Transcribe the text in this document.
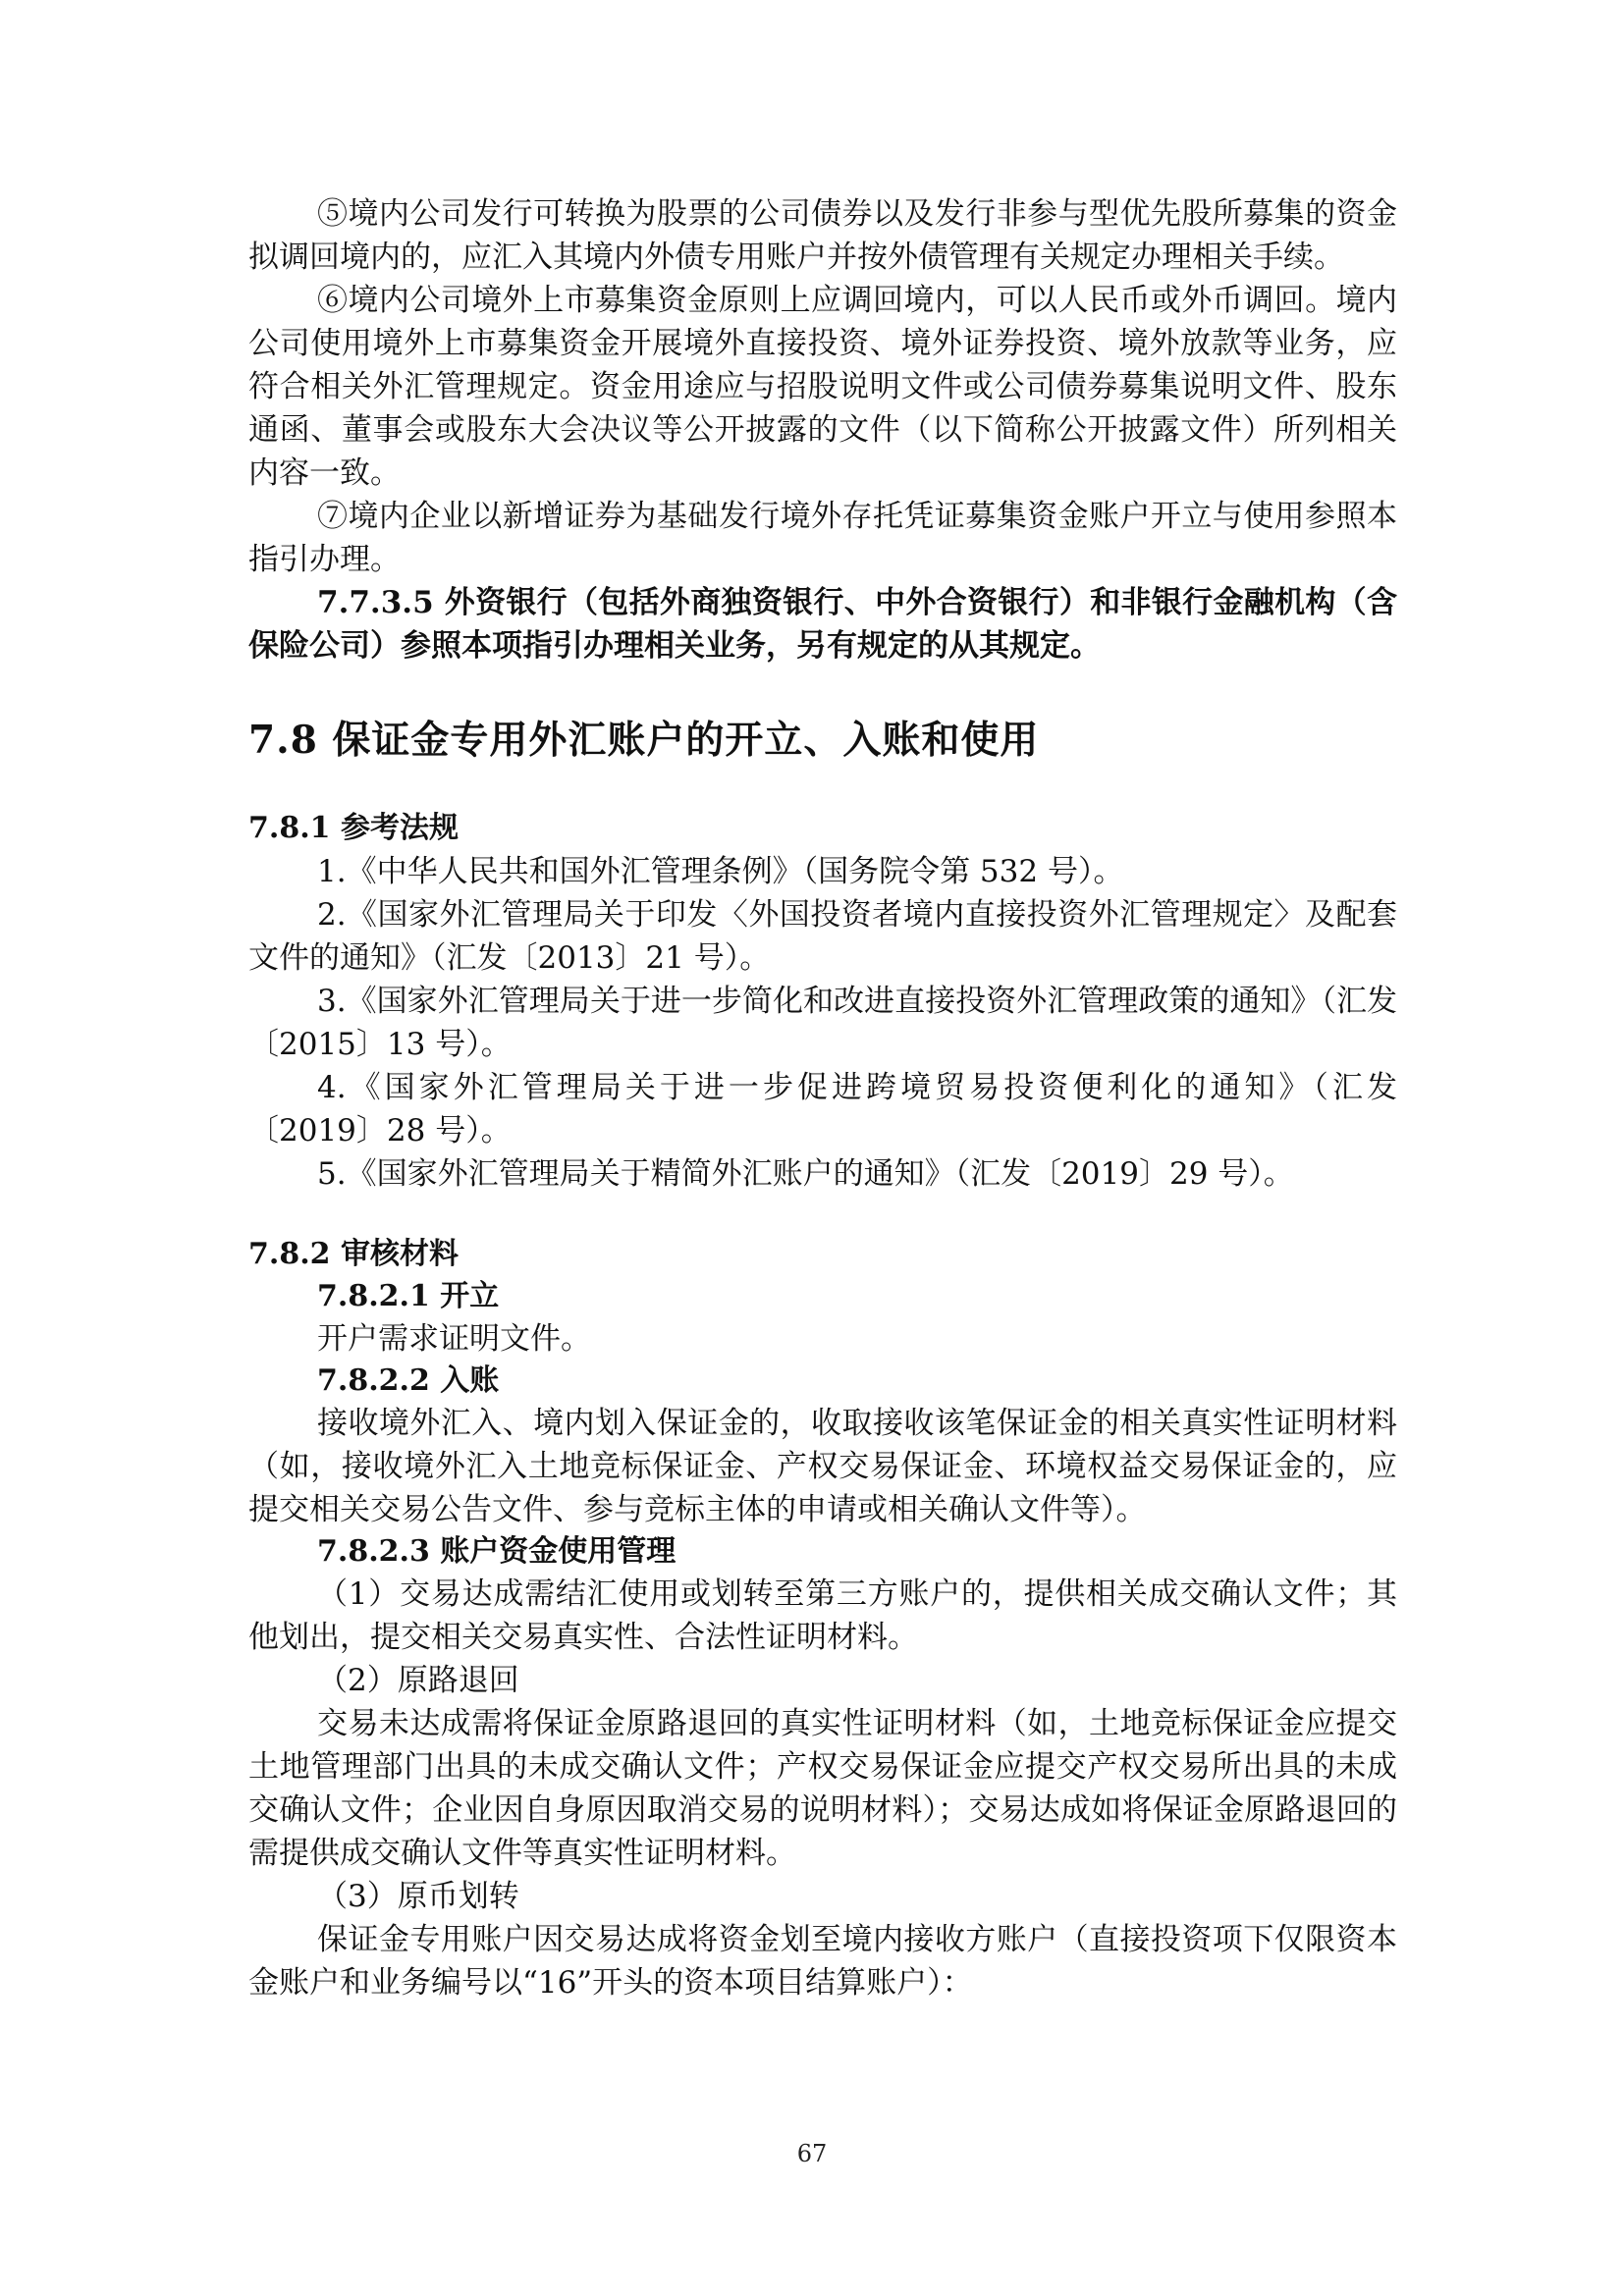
⑤境内公司发行可转换为股票的公司债券以及发行非参与型优先股所募集的资金拟调回境内的，应汇入其境内外债专用账户并按外债管理有关规定办理相关手续。

⑥境内公司境外上市募集资金原则上应调回境内，可以人民币或外币调回。境内公司使用境外上市募集资金开展境外直接投资、境外证券投资、境外放款等业务，应符合相关外汇管理规定。资金用途应与招股说明文件或公司债券募集说明文件、股东通函、董事会或股东大会决议等公开披露的文件（以下简称公开披露文件）所列相关内容一致。

⑦境内企业以新增证券为基础发行境外存托凭证募集资金账户开立与使用参照本指引办理。

7.7.3.5 外资银行（包括外商独资银行、中外合资银行）和非银行金融机构（含保险公司）参照本项指引办理相关业务，另有规定的从其规定。

7.8 保证金专用外汇账户的开立、入账和使用
7.8.1 参考法规

1.《中华人民共和国外汇管理条例》（国务院令第 532 号）。

2.《国家外汇管理局关于印发〈外国投资者境内直接投资外汇管理规定〉及配套文件的通知》（汇发〔2013〕21 号）。

3.《国家外汇管理局关于进一步简化和改进直接投资外汇管理政策的通知》（汇发〔2015〕13 号）。

4.《国家外汇管理局关于进一步促进跨境贸易投资便利化的通知》（汇发〔2019〕28 号）。

5.《国家外汇管理局关于精简外汇账户的通知》（汇发〔2019〕29 号）。

7.8.2 审核材料

7.8.2.1 开立

开户需求证明文件。

7.8.2.2 入账

接收境外汇入、境内划入保证金的，收取接收该笔保证金的相关真实性证明材料（如，接收境外汇入土地竞标保证金、产权交易保证金、环境权益交易保证金的，应提交相关交易公告文件、参与竞标主体的申请或相关确认文件等）。

7.8.2.3 账户资金使用管理

（1）交易达成需结汇使用或划转至第三方账户的，提供相关成交确认文件；其他划出，提交相关交易真实性、合法性证明材料。

（2）原路退回

交易未达成需将保证金原路退回的真实性证明材料（如，土地竞标保证金应提交土地管理部门出具的未成交确认文件；产权交易保证金应提交产权交易所出具的未成交确认文件；企业因自身原因取消交易的说明材料）；交易达成如将保证金原路退回的需提供成交确认文件等真实性证明材料。

（3）原币划转

保证金专用账户因交易达成将资金划至境内接收方账户（直接投资项下仅限资本金账户和业务编号以“16”开头的资本项目结算账户）：

67
